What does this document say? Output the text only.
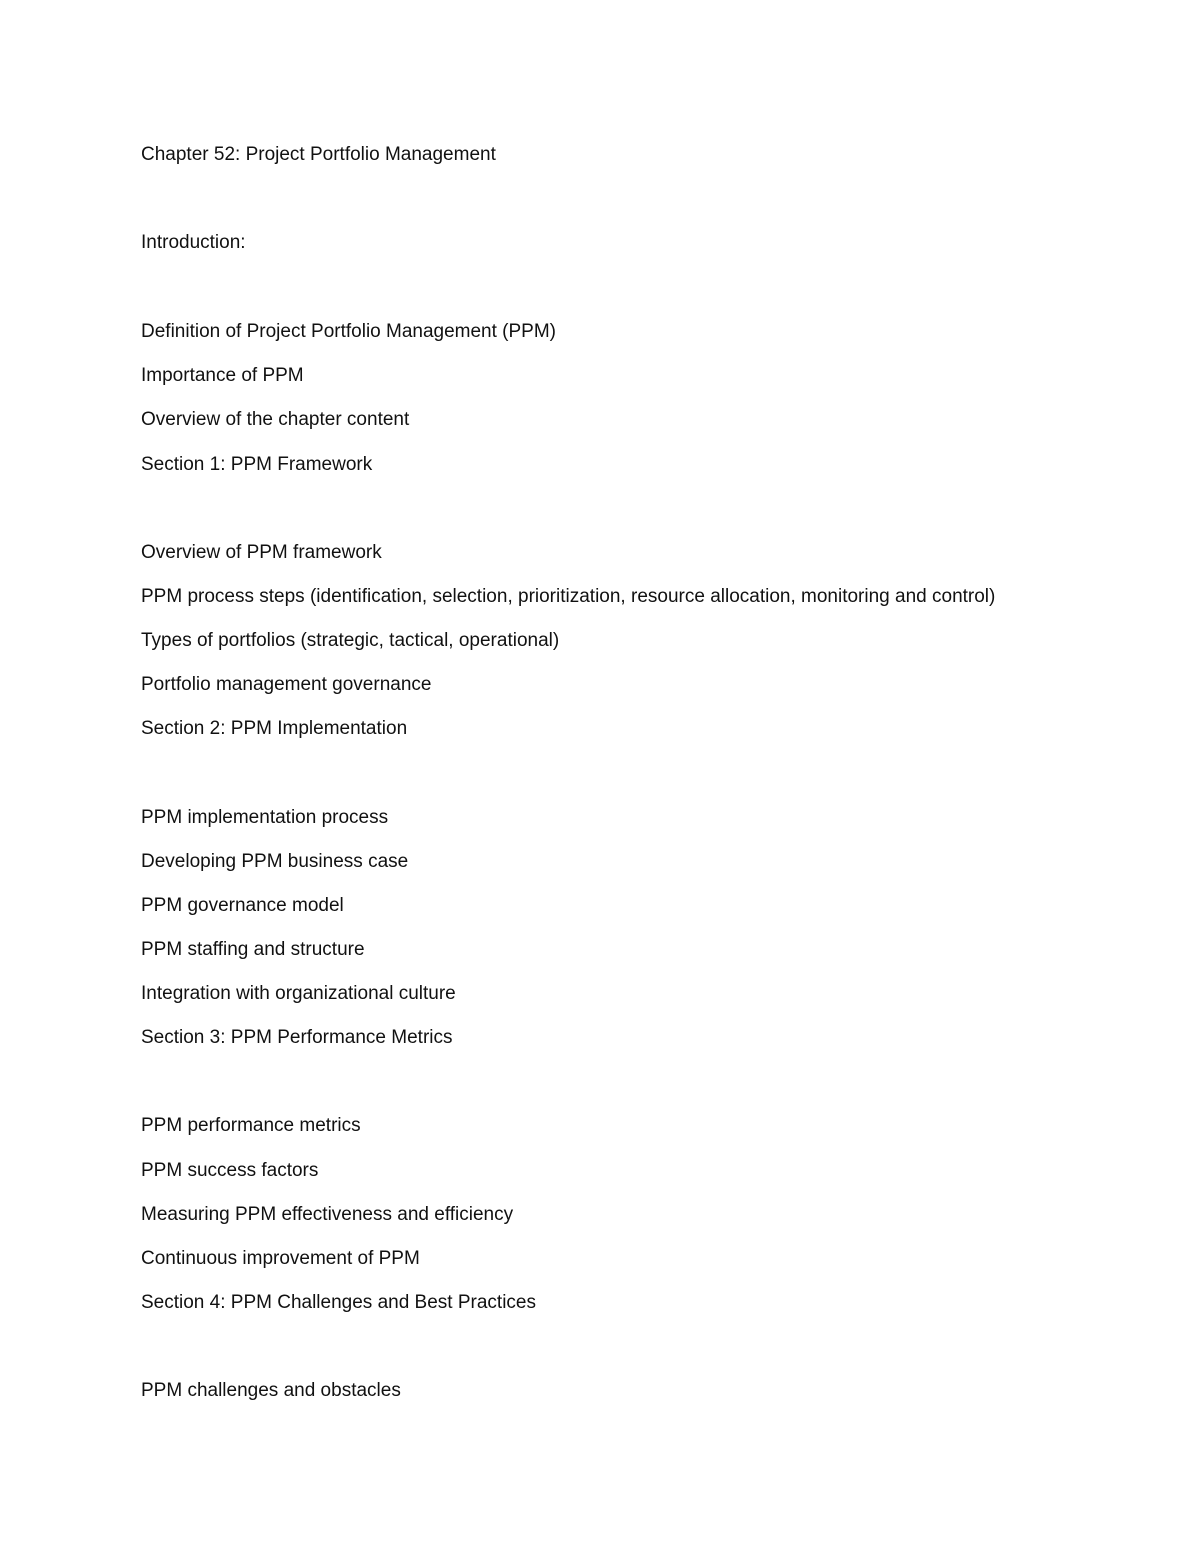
Chapter 52: Project Portfolio Management

Introduction:

Definition of Project Portfolio Management (PPM)

Importance of PPM

Overview of the chapter content

Section 1: PPM Framework

Overview of PPM framework

PPM process steps (identification, selection, prioritization, resource allocation, monitoring and control)

Types of portfolios (strategic, tactical, operational)

Portfolio management governance

Section 2: PPM Implementation

PPM implementation process

Developing PPM business case

PPM governance model

PPM staffing and structure

Integration with organizational culture

Section 3: PPM Performance Metrics

PPM performance metrics

PPM success factors

Measuring PPM effectiveness and efficiency

Continuous improvement of PPM

Section 4: PPM Challenges and Best Practices

PPM challenges and obstacles
